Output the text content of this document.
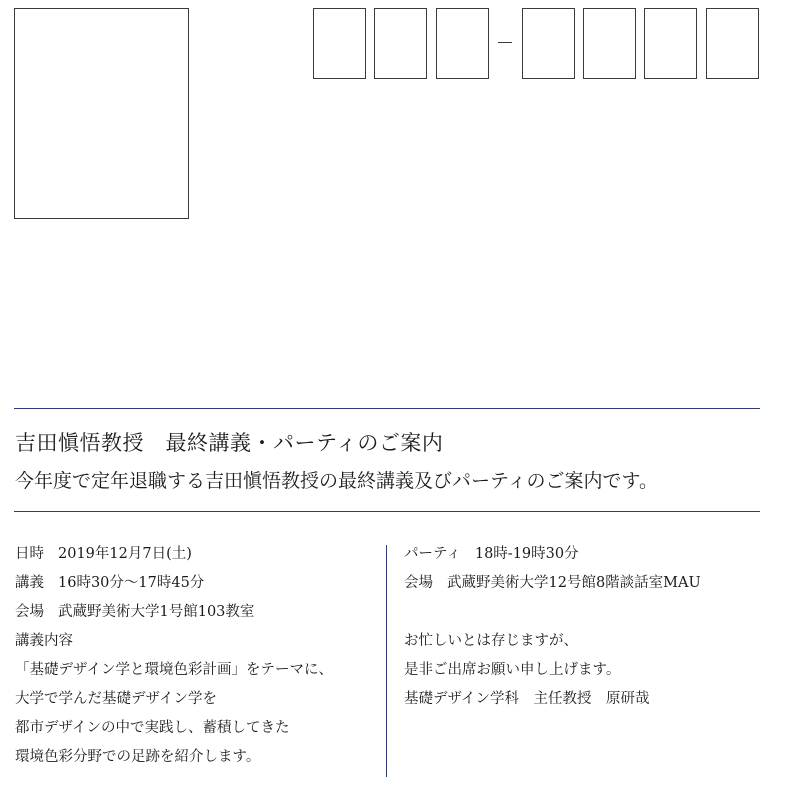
吉田愼悟教授　最終講義・パーティのご案内
今年度で定年退職する吉田愼悟教授の最終講義及びパーティのご案内です。
日時 2019年12月7日(土)
講義 16時30分～17時45分
会場 武蔵野美術大学1号館103教室
講義内容
「基礎デザイン学と環境色彩計画」をテーマに、
大学で学んだ基礎デザイン学を
都市デザインの中で実践し、蓄積してきた
環境色彩分野での足跡を紹介します。
パーティ 18時-19時30分
会場 武蔵野美術大学12号館8階談話室MAU
お忙しいとは存じますが、
是非ご出席お願い申し上げます。
基礎デザイン学科　主任教授　原研哉
